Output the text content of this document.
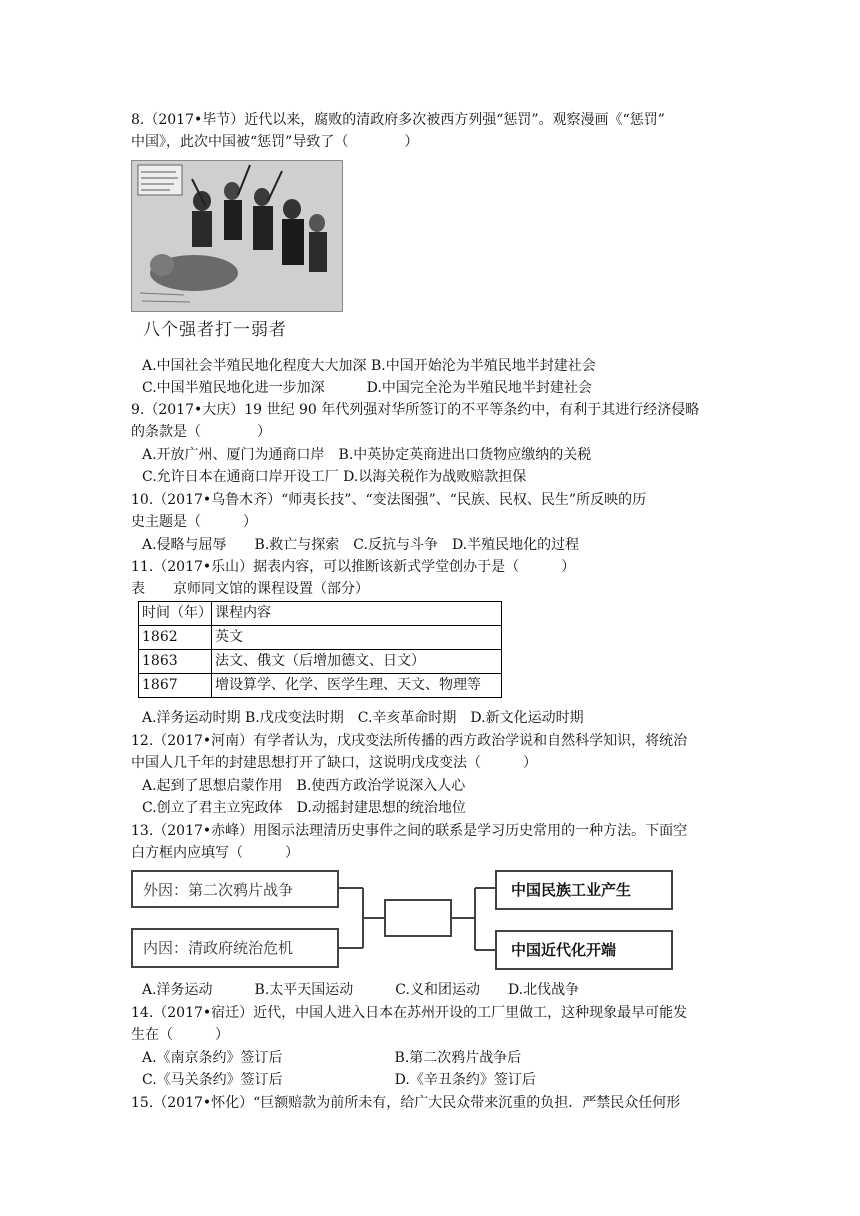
8.（2017•毕节）近代以来，腐败的清政府多次被西方列强“惩罚”。观察漫画《“惩罚”
中国》，此次中国被“惩罚”导致了（　　　　）
八个强者打一弱者
A.中国社会半殖民地化程度大大加深 B.中国开始沦为半殖民地半封建社会
C.中国半殖民地化进一步加深　　　D.中国完全沦为半殖民地半封建社会
9.（2017•大庆）19 世纪 90 年代列强对华所签订的不平等条约中，有利于其进行经济侵略
的条款是（　　　　）
A.开放广州、厦门为通商口岸　B.中英协定英商进出口货物应缴纳的关税
C.允许日本在通商口岸开设工厂 D.以海关税作为战败赔款担保
10.（2017•乌鲁木齐）“师夷长技”、“变法图强”、“民族、民权、民生”所反映的历
史主题是（　　　）
A.侵略与屈辱　　B.救亡与探索　C.反抗与斗争　D.半殖民地化的过程
11.（2017•乐山）据表内容，可以推断该新式学堂创办于是（　　　）
表　　京师同文馆的课程设置（部分）
时间（年）	课程内容
1862	英文
1863	法文、俄文（后增加德文、日文）
1867	增设算学、化学、医学生理、天文、物理等
A.洋务运动时期 B.戊戌变法时期　C.辛亥革命时期　D.新文化运动时期
12.（2017•河南）有学者认为，戊戌变法所传播的西方政治学说和自然科学知识，将统治
中国人几千年的封建思想打开了缺口，这说明戊戌变法（　　　）
A.起到了思想启蒙作用　B.使西方政治学说深入人心
C.创立了君主立宪政体　D.动摇封建思想的统治地位
13.（2017•赤峰）用图示法理清历史事件之间的联系是学习历史常用的一种方法。下面空
白方框内应填写（　　　）
外因：第二次鸦片战争
内因：清政府统治危机
中国民族工业产生
中国近代化开端
A.洋务运动　　　B.太平天国运动　　　C.义和团运动　　D.北伐战争
14.（2017•宿迁）近代，中国人进入日本在苏州开设的工厂里做工，这种现象最早可能发
生在（　　　）
A.《南京条约》签订后　　　　　　　　B.第二次鸦片战争后
C.《马关条约》签订后　　　　　　　　D.《辛丑条约》签订后
15.（2017•怀化）“巨额赔款为前所未有，给广大民众带来沉重的负担．严禁民众任何形
